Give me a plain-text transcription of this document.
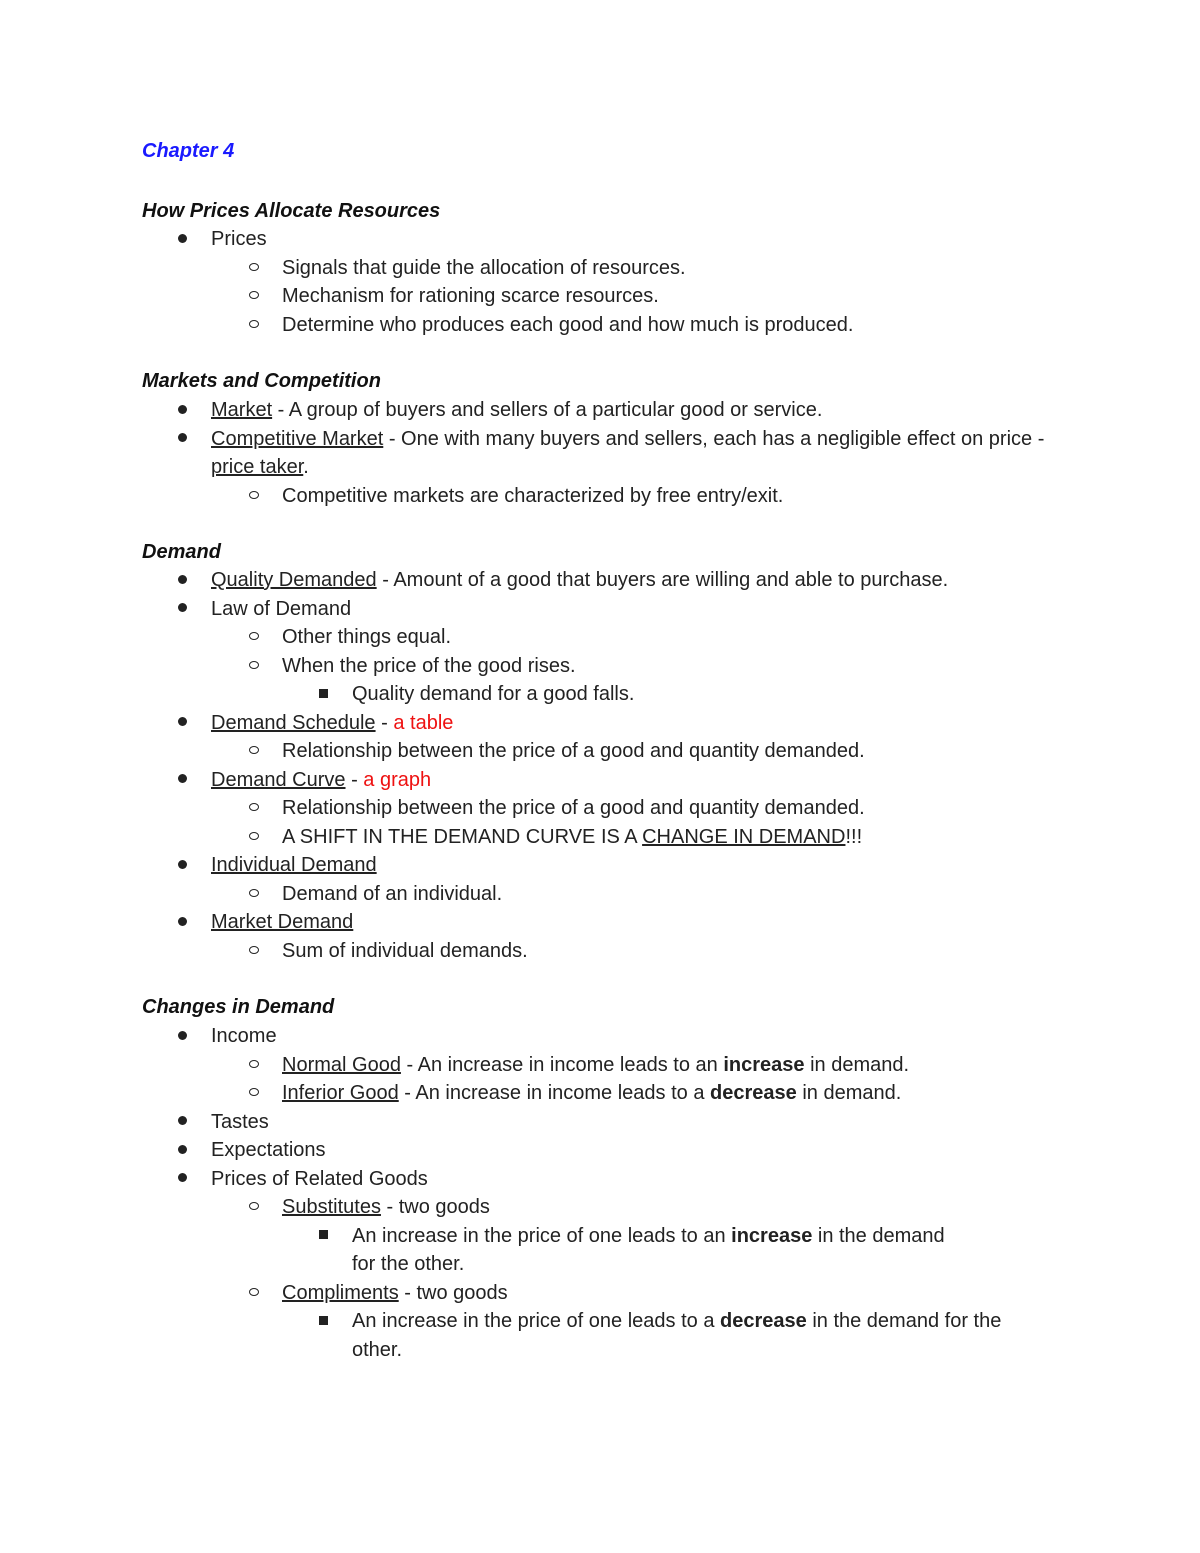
Chapter 4
How Prices Allocate Resources
Prices
Signals that guide the allocation of resources.
Mechanism for rationing scarce resources.
Determine who produces each good and how much is produced.
Markets and Competition
Market - A group of buyers and sellers of a particular good or service.
Competitive Market - One with many buyers and sellers, each has a negligible effect on price - price taker.
Competitive markets are characterized by free entry/exit.
Demand
Quality Demanded - Amount of a good that buyers are willing and able to purchase.
Law of Demand
Other things equal.
When the price of the good rises.
Quality demand for a good falls.
Demand Schedule - a table
Relationship between the price of a good and quantity demanded.
Demand Curve - a graph
Relationship between the price of a good and quantity demanded.
A SHIFT IN THE DEMAND CURVE IS A CHANGE IN DEMAND!!!
Individual Demand
Demand of an individual.
Market Demand
Sum of individual demands.
Changes in Demand
Income
Normal Good - An increase in income leads to an increase in demand.
Inferior Good - An increase in income leads to a decrease in demand.
Tastes
Expectations
Prices of Related Goods
Substitutes - two goods
An increase in the price of one leads to an increase in the demand for the other.
Compliments - two goods
An increase in the price of one leads to a decrease in the demand for the other.
